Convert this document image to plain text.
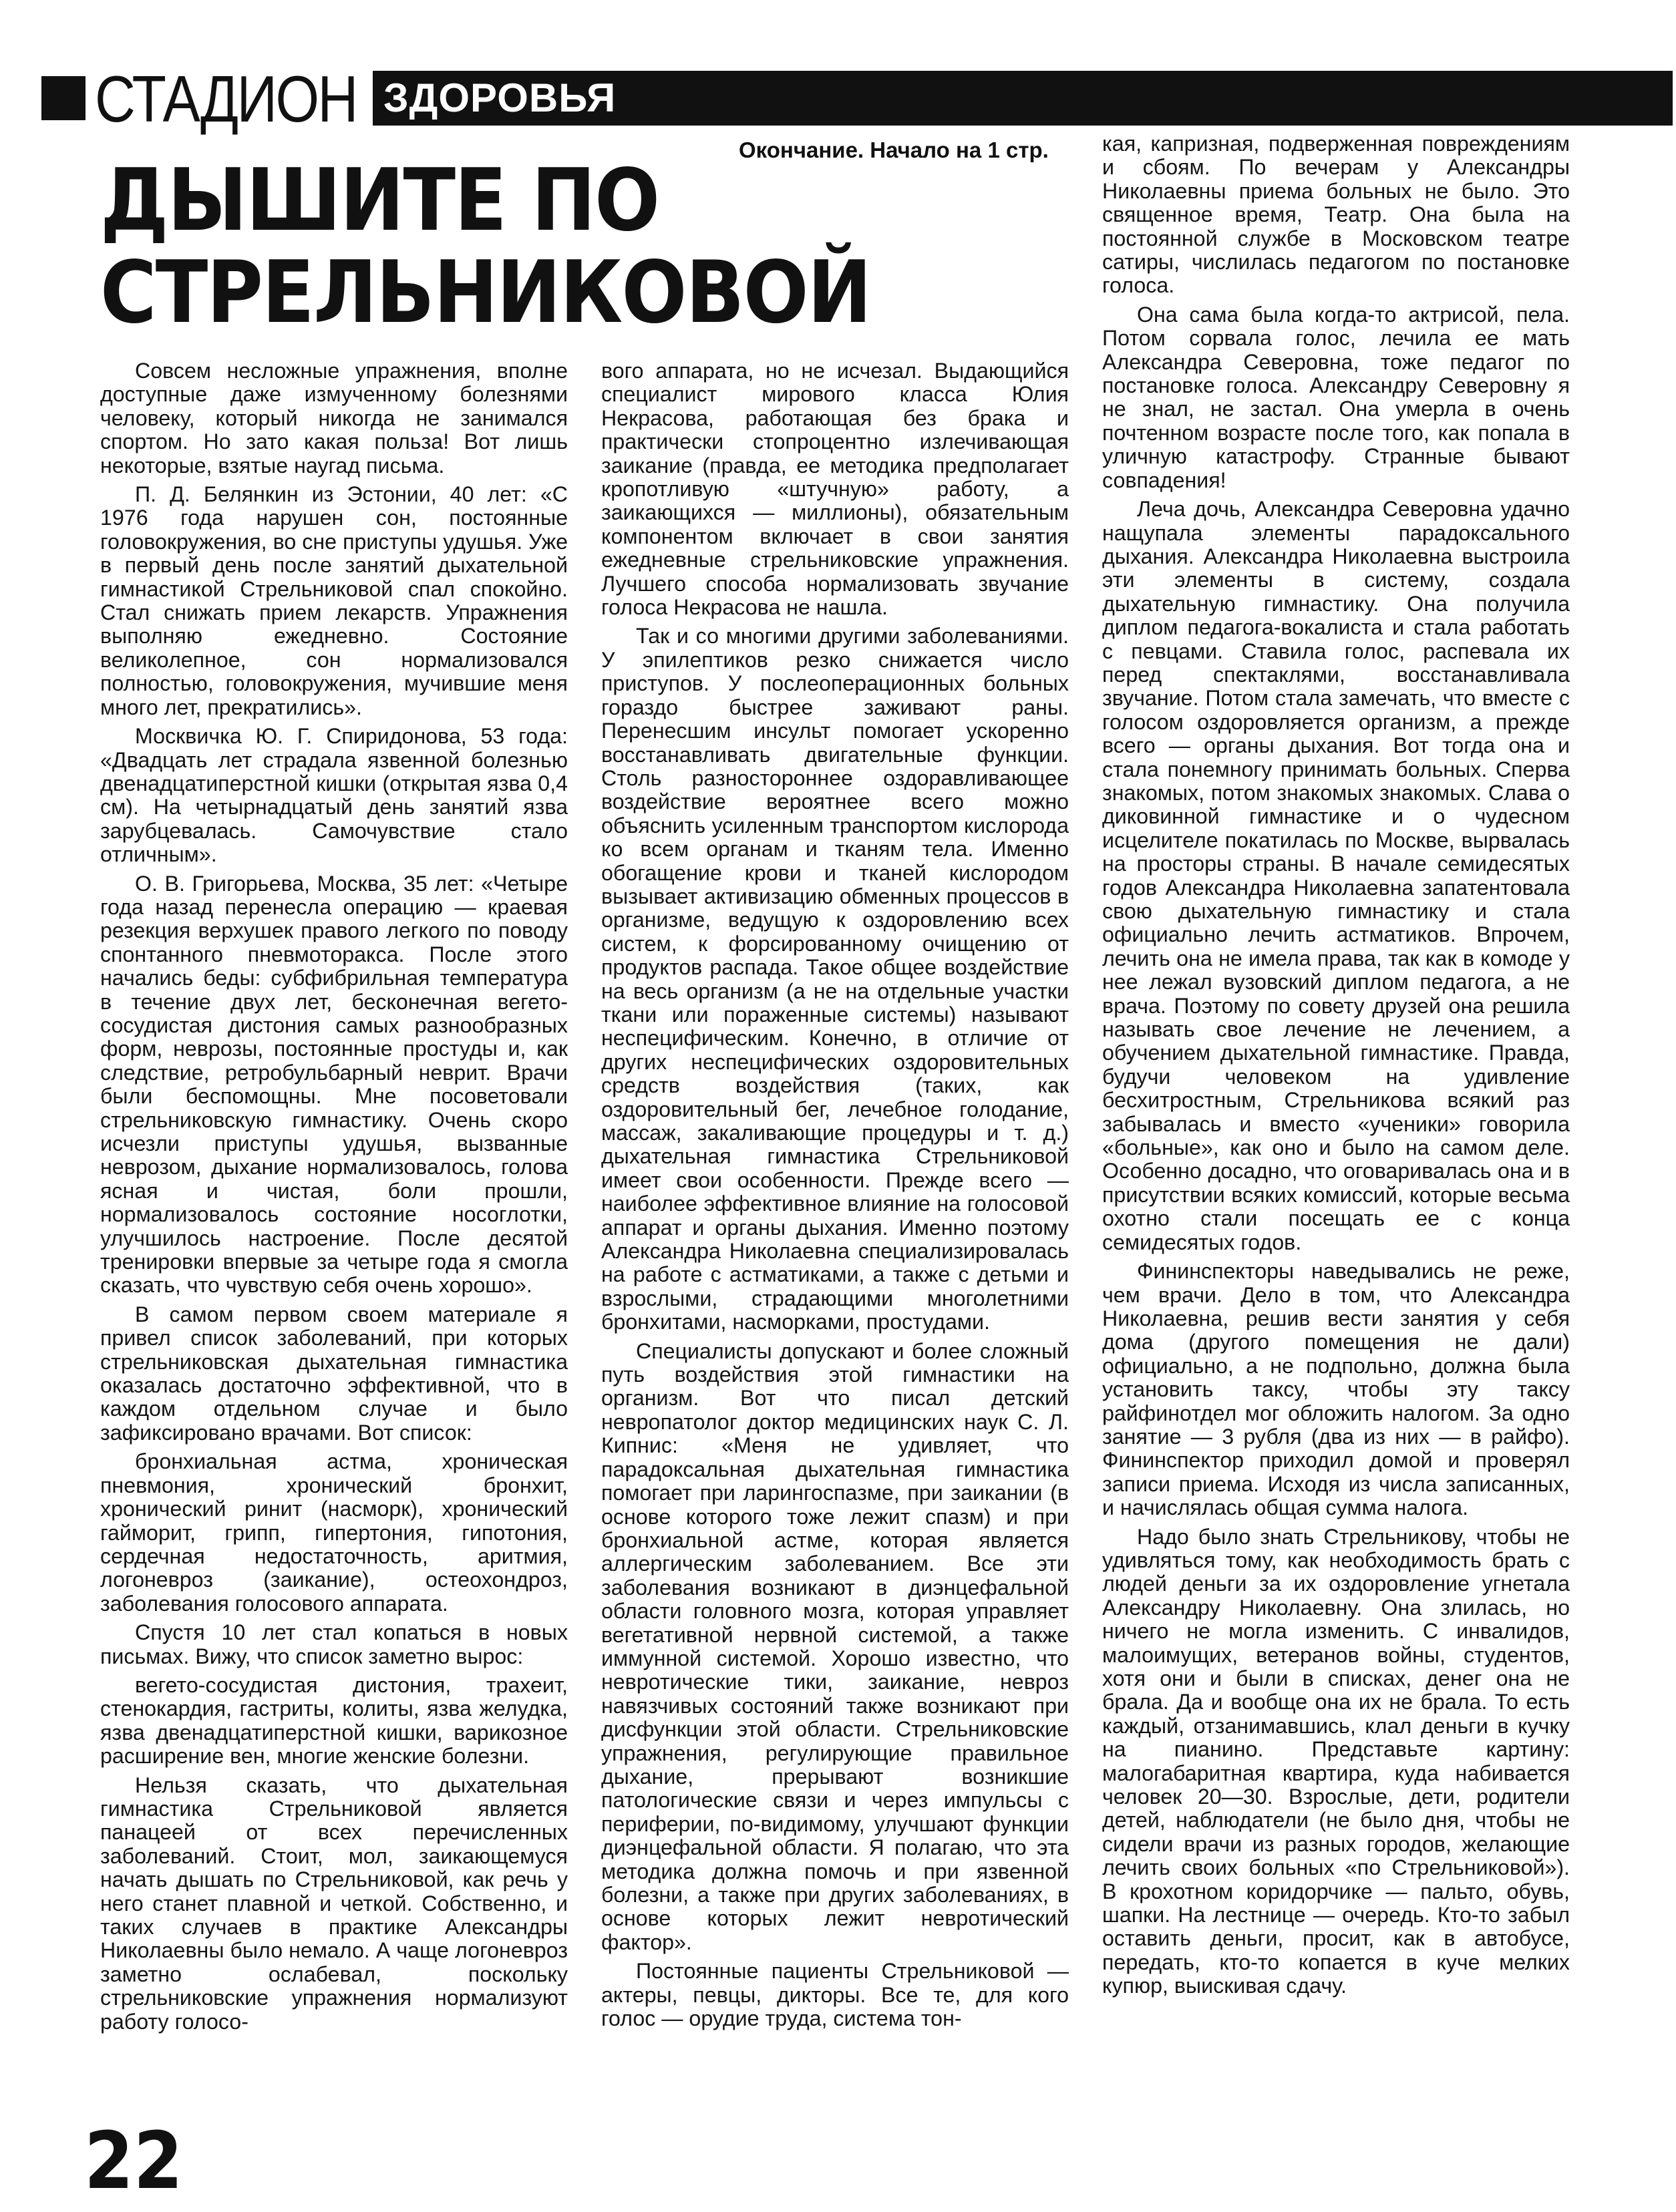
СТАДИОН ЗДОРОВЬЯ
ДЫШИТЕ ПО
СТРЕЛЬНИКОВОЙ
Окончание. Начало на 1 стр.

Совсем несложные упражнения, вполне доступные даже измученному болезнями человеку, который никогда не занимался спортом. Но зато какая польза! Вот лишь некоторые, взятые наугад письма.

П. Д. Белянкин из Эстонии, 40 лет: «С 1976 года нарушен сон, постоянные головокружения, во сне приступы удушья. Уже в первый день после занятий дыхательной гимнастикой Стрельниковой спал спокойно. Стал снижать прием лекарств. Упражнения выполняю ежедневно. Состояние великолепное, сон нормализовался полностью, головокружения, мучившие меня много лет, прекратились».

Москвичка Ю. Г. Спиридонова, 53 года: «Двадцать лет страдала язвенной болезнью двенадцатиперстной кишки (открытая язва 0,4 см). На четырнадцатый день занятий язва зарубцевалась. Самочувствие стало отличным».

О. В. Григорьева, Москва, 35 лет: «Четыре года назад перенесла операцию — краевая резекция верхушек правого легкого по поводу спонтанного пневмоторакса. После этого начались беды: субфибрильная температура в течение двух лет, бесконечная вегето-сосудистая дистония самых разнообразных форм, неврозы, постоянные простуды и, как следствие, ретробульбарный неврит. Врачи были беспомощны. Мне посоветовали стрельниковскую гимнастику. Очень скоро исчезли приступы удушья, вызванные неврозом, дыхание нормализовалось, голова ясная и чистая, боли прошли, нормализовалось состояние носоглотки, улучшилось настроение. После десятой тренировки впервые за четыре года я смогла сказать, что чувствую себя очень хорошо».

В самом первом своем материале я привел список заболеваний, при которых стрельниковская дыхательная гимнастика оказалась достаточно эффективной, что в каждом отдельном случае и было зафиксировано врачами. Вот список:

бронхиальная астма, хроническая пневмония, хронический бронхит, хронический ринит (насморк), хронический гайморит, грипп, гипертония, гипотония, сердечная недостаточность, аритмия, логоневроз (заикание), остеохондроз, заболевания голосового аппарата.

Спустя 10 лет стал копаться в новых письмах. Вижу, что список заметно вырос:

вегето-сосудистая дистония, трахеит, стенокардия, гастриты, колиты, язва желудка, язва двенадцатиперстной кишки, варикозное расширение вен, многие женские болезни.

Нельзя сказать, что дыхательная гимнастика Стрельниковой является панацеей от всех перечисленных заболеваний. Стоит, мол, заикающемуся начать дышать по Стрельниковой, как речь у него станет плавной и четкой. Собственно, и таких случаев в практике Александры Николаевны было немало. А чаще логоневроз заметно ослабевал, поскольку стрельниковские упражнения нормализуют работу голосо-

вого аппарата, но не исчезал. Выдающийся специалист мирового класса Юлия Некрасова, работающая без брака и практически стопроцентно излечивающая заикание (правда, ее методика предполагает кропотливую «штучную» работу, а заикающихся — миллионы), обязательным компонентом включает в свои занятия ежедневные стрельниковские упражнения. Лучшего способа нормализовать звучание голоса Некрасова не нашла.

Так и со многими другими заболеваниями. У эпилептиков резко снижается число приступов. У послеоперационных больных гораздо быстрее заживают раны. Перенесшим инсульт помогает ускоренно восстанавливать двигательные функции. Столь разностороннее оздоравливающее воздействие вероятнее всего можно объяснить усиленным транспортом кислорода ко всем органам и тканям тела. Именно обогащение крови и тканей кислородом вызывает активизацию обменных процессов в организме, ведущую к оздоровлению всех систем, к форсированному очищению от продуктов распада. Такое общее воздействие на весь организм (а не на отдельные участки ткани или пораженные системы) называют неспецифическим. Конечно, в отличие от других неспецифических оздоровительных средств воздействия (таких, как оздоровительный бег, лечебное голодание, массаж, закаливающие процедуры и т. д.) дыхательная гимнастика Стрельниковой имеет свои особенности. Прежде всего — наиболее эффективное влияние на голосовой аппарат и органы дыхания. Именно поэтому Александра Николаевна специализировалась на работе с астматиками, а также с детьми и взрослыми, страдающими многолетними бронхитами, насморками, простудами.

Специалисты допускают и более сложный путь воздействия этой гимнастики на организм. Вот что писал детский невропатолог доктор медицинских наук С. Л. Кипнис: «Меня не удивляет, что парадоксальная дыхательная гимнастика помогает при ларингоспазме, при заикании (в основе которого тоже лежит спазм) и при бронхиальной астме, которая является аллергическим заболеванием. Все эти заболевания возникают в диэнцефальной области головного мозга, которая управляет вегетативной нервной системой, а также иммунной системой. Хорошо известно, что невротические тики, заикание, невроз навязчивых состояний также возникают при дисфункции этой области. Стрельниковские упражнения, регулирующие правильное дыхание, прерывают возникшие патологические связи и через импульсы с периферии, по-видимому, улучшают функции диэнцефальной области. Я полагаю, что эта методика должна помочь и при язвенной болезни, а также при других заболеваниях, в основе которых лежит невротический фактор».

Постоянные пациенты Стрельниковой — актеры, певцы, дикторы. Все те, для кого голос — орудие труда, система тон-

кая, капризная, подверженная повреждениям и сбоям. По вечерам у Александры Николаевны приема больных не было. Это священное время, Театр. Она была на постоянной службе в Московском театре сатиры, числилась педагогом по постановке голоса.

Она сама была когда-то актрисой, пела. Потом сорвала голос, лечила ее мать Александра Северовна, тоже педагог по постановке голоса. Александру Северовну я не знал, не застал. Она умерла в очень почтенном возрасте после того, как попала в уличную катастрофу. Странные бывают совпадения!

Леча дочь, Александра Северовна удачно нащупала элементы парадоксального дыхания. Александра Николаевна выстроила эти элементы в систему, создала дыхательную гимнастику. Она получила диплом педагога-вокалиста и стала работать с певцами. Ставила голос, распевала их перед спектаклями, восстанавливала звучание. Потом стала замечать, что вместе с голосом оздоровляется организм, а прежде всего — органы дыхания. Вот тогда она и стала понемногу принимать больных. Сперва знакомых, потом знакомых знакомых. Слава о диковинной гимнастике и о чудесном исцелителе покатилась по Москве, вырвалась на просторы страны. В начале семидесятых годов Александра Николаевна запатентовала свою дыхательную гимнастику и стала официально лечить астматиков. Впрочем, лечить она не имела права, так как в комоде у нее лежал вузовский диплом педагога, а не врача. Поэтому по совету друзей она решила называть свое лечение не лечением, а обучением дыхательной гимнастике. Правда, будучи человеком на удивление бесхитростным, Стрельникова всякий раз забывалась и вместо «ученики» говорила «больные», как оно и было на самом деле. Особенно досадно, что оговаривалась она и в присутствии всяких комиссий, которые весьма охотно стали посещать ее с конца семидесятых годов.

Фининспекторы наведывались не реже, чем врачи. Дело в том, что Александра Николаевна, решив вести занятия у себя дома (другого помещения не дали) официально, а не подпольно, должна была установить таксу, чтобы эту таксу райфинотдел мог обложить налогом. За одно занятие — 3 рубля (два из них — в райфо). Фининспектор приходил домой и проверял записи приема. Исходя из числа записанных, и начислялась общая сумма налога.

Надо было знать Стрельникову, чтобы не удивляться тому, как необходимость брать с людей деньги за их оздоровление угнетала Александру Николаевну. Она злилась, но ничего не могла изменить. С инвалидов, малоимущих, ветеранов войны, студентов, хотя они и были в списках, денег она не брала. Да и вообще она их не брала. То есть каждый, отзанимавшись, клал деньги в кучку на пианино. Представьте картину: малогабаритная квартира, куда набивается человек 20—30. Взрослые, дети, родители детей, наблюдатели (не было дня, чтобы не сидели врачи из разных городов, желающие лечить своих больных «по Стрельниковой»). В крохотном коридорчике — пальто, обувь, шапки. На лестнице — очередь. Кто-то забыл оставить деньги, просит, как в автобусе, передать, кто-то копается в куче мелких купюр, выискивая сдачу.

22
